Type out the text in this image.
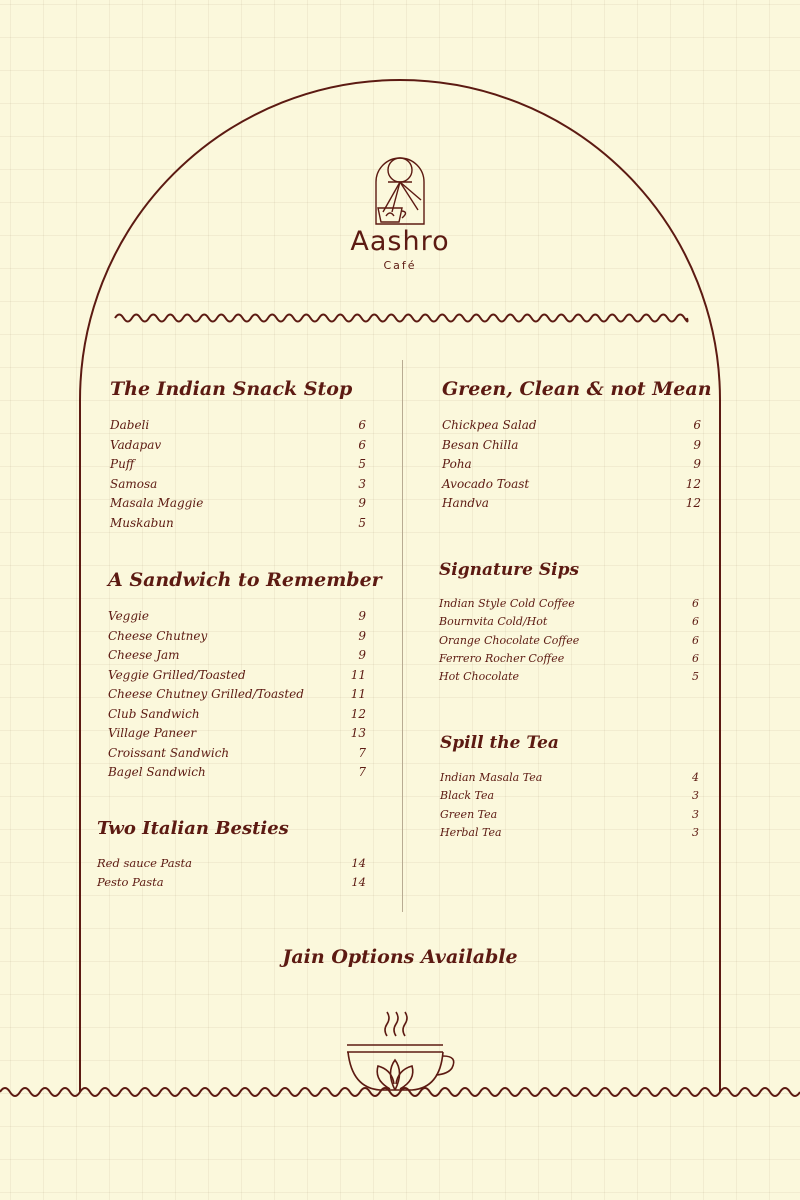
Aashro
Café
The Indian Snack Stop
Dabeli	6
Vadapav	6
Puff	5
Samosa	3
Masala Maggie	9
Muskabun	5
A Sandwich to Remember
Veggie	9
Cheese Chutney	9
Cheese Jam	9
Veggie Grilled/Toasted	11
Cheese Chutney Grilled/Toasted	11
Club Sandwich	12
Village Paneer	13
Croissant Sandwich	7
Bagel Sandwich	7
Two Italian Besties
Red sauce Pasta	14
Pesto Pasta	14
Green, Clean & not Mean
Chickpea Salad	6
Besan Chilla	9
Poha	9
Avocado Toast	12
Handva	12
Signature Sips
Indian Style Cold Coffee	6
Bournvita Cold/Hot	6
Orange Chocolate Coffee	6
Ferrero Rocher Coffee	6
Hot Chocolate	5
Spill the Tea
Indian Masala Tea	4
Black Tea	3
Green Tea	3
Herbal Tea	3
Jain Options Available
